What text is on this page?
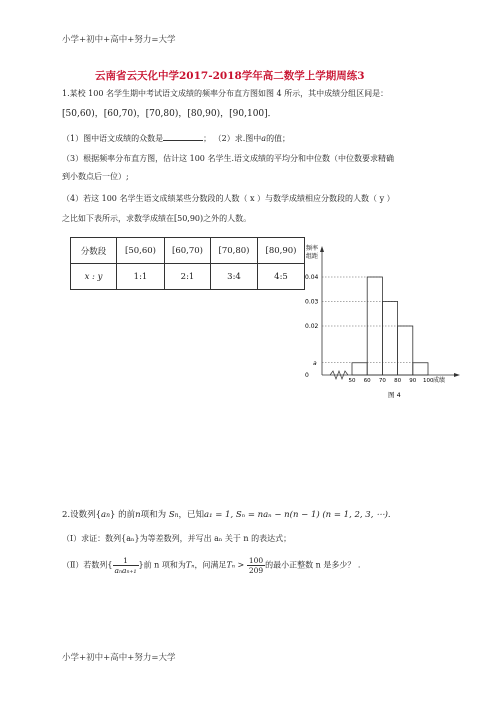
小学+初中+高中+努力=大学
云南省云天化中学2017-2018学年高二数学上学期周练3
1.某校 100 名学生期中考试语文成绩的频率分布直方图如图 4 所示，其中成绩分组区间是：
[50,60)，[60,70)，[70,80)，[80,90)，[90,100]．
（1）图中语文成绩的众数是	； （2）求.图中a的值；
（3）根据频率分布直方图，估计这 100 名学生.语文成绩的平均分和中位数（中位数要求精确
到小数点后一位）;
（4）若这 100 名学生语文成绩某些分数段的人数（ x ）与数学成绩相应分数段的人数（ y ）
之比如下表所示，求数学成绩在[50,90)之外的人数。
分数段	[50,60)	[60,70)	[70,80)	[80,90)
x : y	1:1	2:1	3:4	4:5
频率
组距
0.04
0.03
0.02
a
0
50 60 70 80 90 100 成绩
图 4
2.设数列{an} 的前n项和为 Sn，已知a₁ = 1, Sₙ = naₙ − n(n − 1) (n = 1, 2, 3, ⋯).
（Ⅰ）求证：数列{aₙ}为等差数列，并写出 aₙ 关于 n 的表达式；
（Ⅱ）若数列{ $\frac{1}{\text{aₙaₙ₊₁}}$ }前 n 项和为Tₙ，问满足$T_n > \frac{100}{209}$ 的最小正整数 n 是多少？ .
小学+初中+高中+努力=大学
